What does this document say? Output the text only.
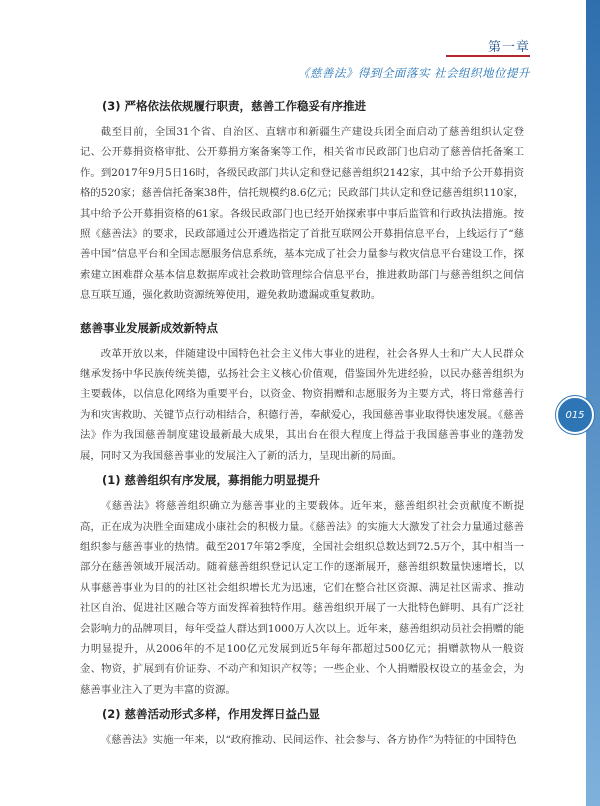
第一章
《慈善法》得到全面落实 社会组织地位提升
015
(3) 严格依法依规履行职责，慈善工作稳妥有序推进

截至目前，全国31个省、自治区、直辖市和新疆生产建设兵团全面启动了慈善组织认定登记、公开募捐资格审批、公开募捐方案备案等工作，相关省市民政部门也启动了慈善信托备案工作。到2017年9月5日16时，各级民政部门共认定和登记慈善组织2142家，其中给予公开募捐资格的520家；慈善信托备案38件，信托规模约8.6亿元；民政部门共认定和登记慈善组织110家，其中给予公开募捐资格的61家。各级民政部门也已经开始探索事中事后监管和行政执法措施。按照《慈善法》的要求，民政部通过公开遴选指定了首批互联网公开募捐信息平台，上线运行了“慈善中国”信息平台和全国志愿服务信息系统，基本完成了社会力量参与救灾信息平台建设工作，探索建立困难群众基本信息数据库或社会救助管理综合信息平台，推进救助部门与慈善组织之间信息互联互通，强化救助资源统筹使用，避免救助遗漏或重复救助。

慈善事业发展新成效新特点

改革开放以来，伴随建设中国特色社会主义伟大事业的进程，社会各界人士和广大人民群众继承发扬中华民族传统美德，弘扬社会主义核心价值观，借鉴国外先进经验，以民办慈善组织为主要载体，以信息化网络为重要平台，以资金、物资捐赠和志愿服务为主要方式，将日常慈善行为和灾害救助、关键节点行动相结合，积德行善，奉献爱心，我国慈善事业取得快速发展。《慈善法》作为我国慈善制度建设最新最大成果，其出台在很大程度上得益于我国慈善事业的蓬勃发展，同时又为我国慈善事业的发展注入了新的活力，呈现出新的局面。

(1) 慈善组织有序发展，募捐能力明显提升

《慈善法》将慈善组织确立为慈善事业的主要载体。近年来，慈善组织社会贡献度不断提高，正在成为决胜全面建成小康社会的积极力量。《慈善法》的实施大大激发了社会力量通过慈善组织参与慈善事业的热情。截至2017年第2季度，全国社会组织总数达到72.5万个，其中相当一部分在慈善领域开展活动。随着慈善组织登记认定工作的逐渐展开，慈善组织数量快速增长，以从事慈善事业为目的的社区社会组织增长尤为迅速，它们在整合社区资源、满足社区需求、推动社区自治、促进社区融合等方面发挥着独特作用。慈善组织开展了一大批特色鲜明、具有广泛社会影响力的品牌项目，每年受益人群达到1000万人次以上。近年来，慈善组织动员社会捐赠的能力明显提升，从2006年的不足100亿元发展到近5年每年都超过500亿元；捐赠款物从一般资金、物资，扩展到有价证券、不动产和知识产权等；一些企业、个人捐赠股权设立的基金会，为慈善事业注入了更为丰富的资源。

(2) 慈善活动形式多样，作用发挥日益凸显

《慈善法》实施一年来，以“政府推动、民间运作、社会参与、各方协作”为特征的中国特色
